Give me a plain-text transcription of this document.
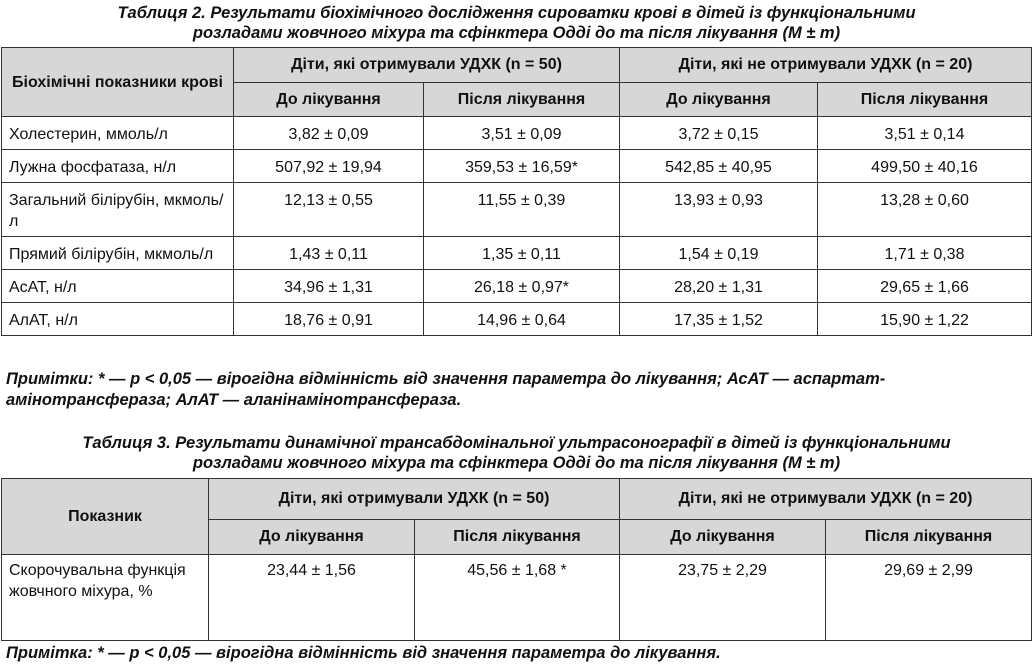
Таблиця 2. Результати біохімічного дослідження сироватки крові в дітей із функціональними
розладами жовчного міхура та сфінктера Одді до та після лікування (M ± m)
Біохімічні показники крові	Діти, які отримували УДХК (n = 50)		Діти, які не отримували УДХК (n = 20)	
	До лікування	Після лікування	До лікування	Після лікування
Холестерин, ммоль/л	3,82 ± 0,09	3,51 ± 0,09	3,72 ± 0,15	3,51 ± 0,14
Лужна фосфатаза, н/л	507,92 ± 19,94	359,53 ± 16,59*	542,85 ± 40,95	499,50 ± 40,16
Загальний білірубін, мкмоль/л	12,13 ± 0,55	11,55 ± 0,39	13,93 ± 0,93	13,28 ± 0,60
Прямий білірубін, мкмоль/л	1,43 ± 0,11	1,35 ± 0,11	1,54 ± 0,19	1,71 ± 0,38
АсАТ, н/л	34,96 ± 1,31	26,18 ± 0,97*	28,20 ± 1,31	29,65 ± 1,66
АлАТ, н/л	18,76 ± 0,91	14,96 ± 0,64	17,35 ± 1,52	15,90 ± 1,22
Примітки: * — p < 0,05 — вірогідна відмінність від значення параметра до лікування; АсАТ — аспартат-
амінотрансфераза; АлАТ — аланінамінотрансфераза.
Таблиця 3. Результати динамічної трансабдомінальної ультрасонографії в дітей із функціональними
розладами жовчного міхура та сфінктера Одді до та після лікування (M ± m)
Показник	Діти, які отримували УДХК (n = 50)		Діти, які не отримували УДХК (n = 20)	
	До лікування	Після лікування	До лікування	Після лікування
Скорочувальна функція жовчного міхура, %	23,44 ± 1,56	45,56 ± 1,68 *	23,75 ± 2,29	29,69 ± 2,99
Примітка: * — p < 0,05 — вірогідна відмінність від значення параметра до лікування.
